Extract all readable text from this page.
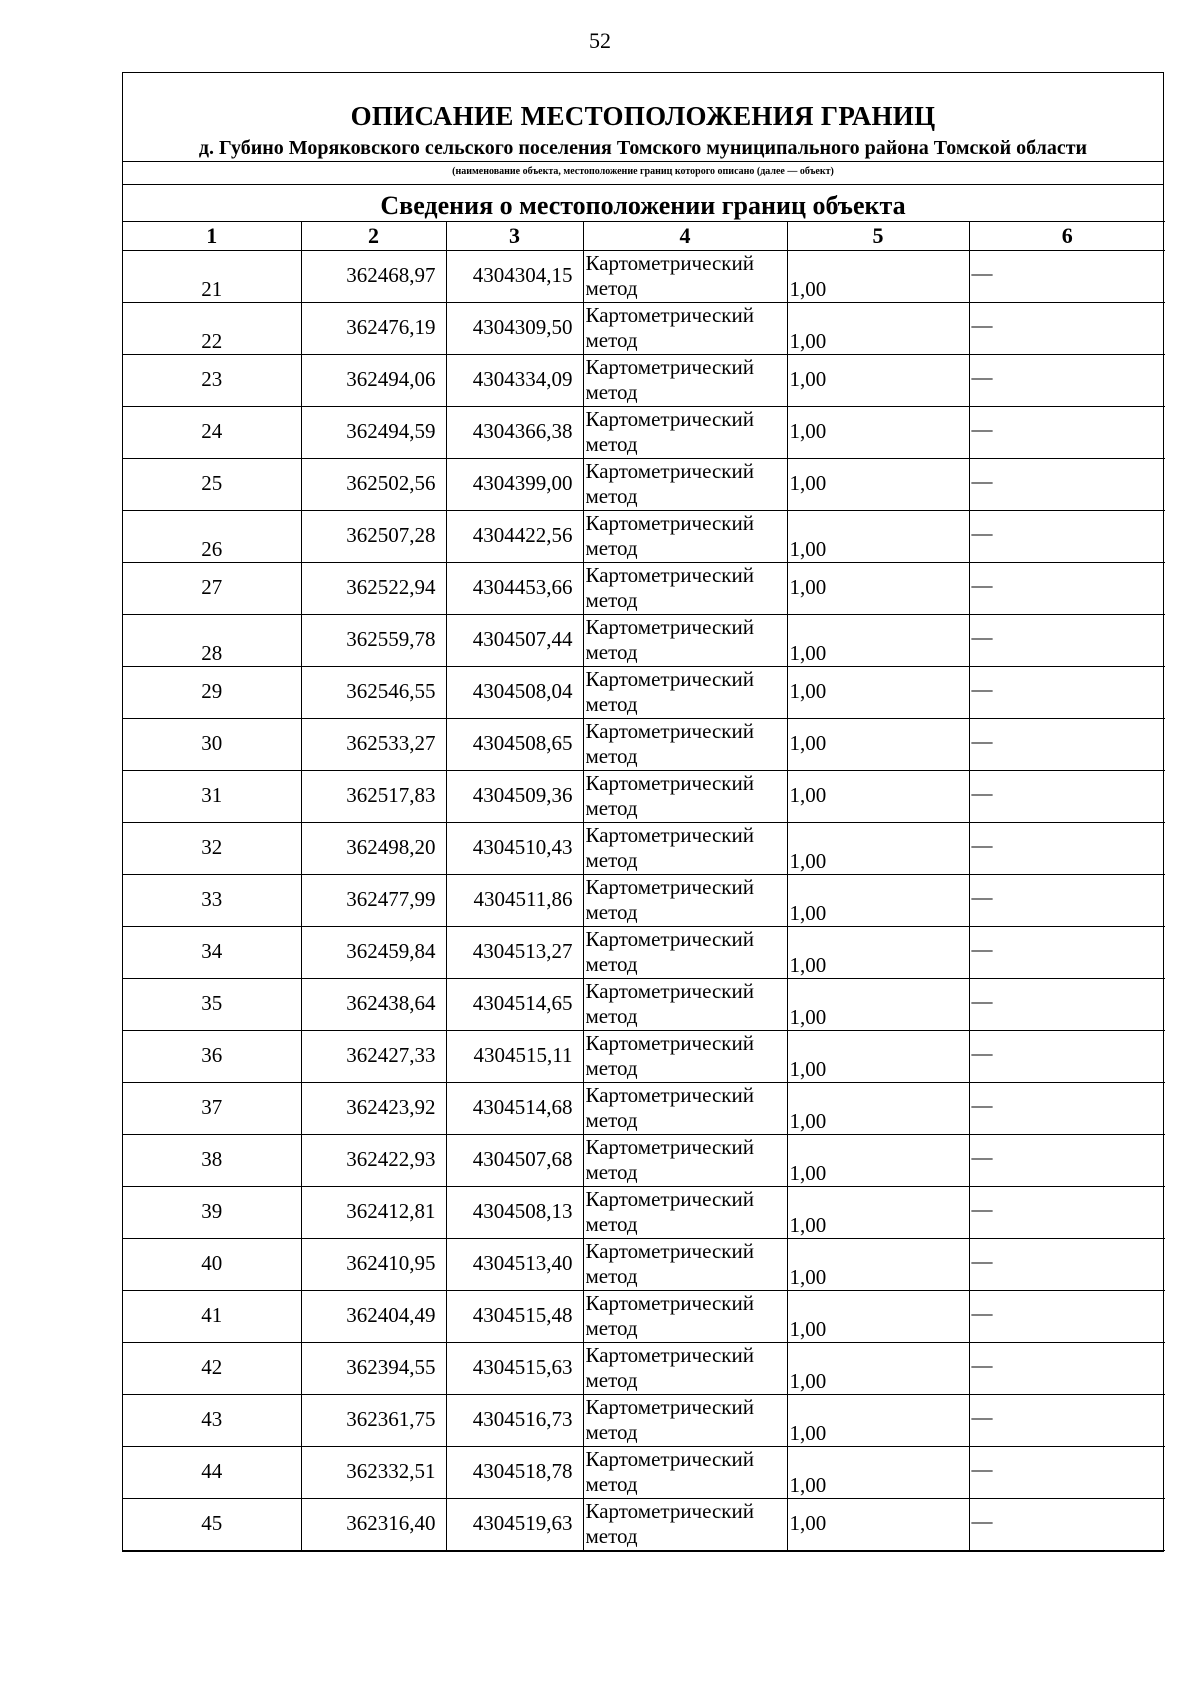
52
ОПИСАНИЕ МЕСТОПОЛОЖЕНИЯ ГРАНИЦ
д. Губино Моряковского сельского поселения Томского муниципального района Томской области
(наименование объекта, местоположение границ которого описано (далее — объект)
Сведения о местоположении границ объекта
1	2	3	4	5	6

21	362468,97	4304304,15	Картометрический метод	1,00	—

22	362476,19	4304309,50	Картометрический метод	1,00	—

23	362494,06	4304334,09	Картометрический метод	1,00	—

24	362494,59	4304366,38	Картометрический метод	1,00	—

25	362502,56	4304399,00	Картометрический метод	1,00	—

26	362507,28	4304422,56	Картометрический метод	1,00	—

27	362522,94	4304453,66	Картометрический метод	1,00	—

28	362559,78	4304507,44	Картометрический метод	1,00	—

29	362546,55	4304508,04	Картометрический метод	1,00	—

30	362533,27	4304508,65	Картометрический метод	1,00	—

31	362517,83	4304509,36	Картометрический метод	1,00	—

32	362498,20	4304510,43	Картометрический метод	1,00	—

33	362477,99	4304511,86	Картометрический метод	1,00	—

34	362459,84	4304513,27	Картометрический метод	1,00	—

35	362438,64	4304514,65	Картометрический метод	1,00	—

36	362427,33	4304515,11	Картометрический метод	1,00	—

37	362423,92	4304514,68	Картометрический метод	1,00	—

38	362422,93	4304507,68	Картометрический метод	1,00	—

39	362412,81	4304508,13	Картометрический метод	1,00	—

40	362410,95	4304513,40	Картометрический метод	1,00	—

41	362404,49	4304515,48	Картометрический метод	1,00	—

42	362394,55	4304515,63	Картометрический метод	1,00	—

43	362361,75	4304516,73	Картометрический метод	1,00	—

44	362332,51	4304518,78	Картометрический метод	1,00	—

45	362316,40	4304519,63	Картометрический метод	1,00	—
